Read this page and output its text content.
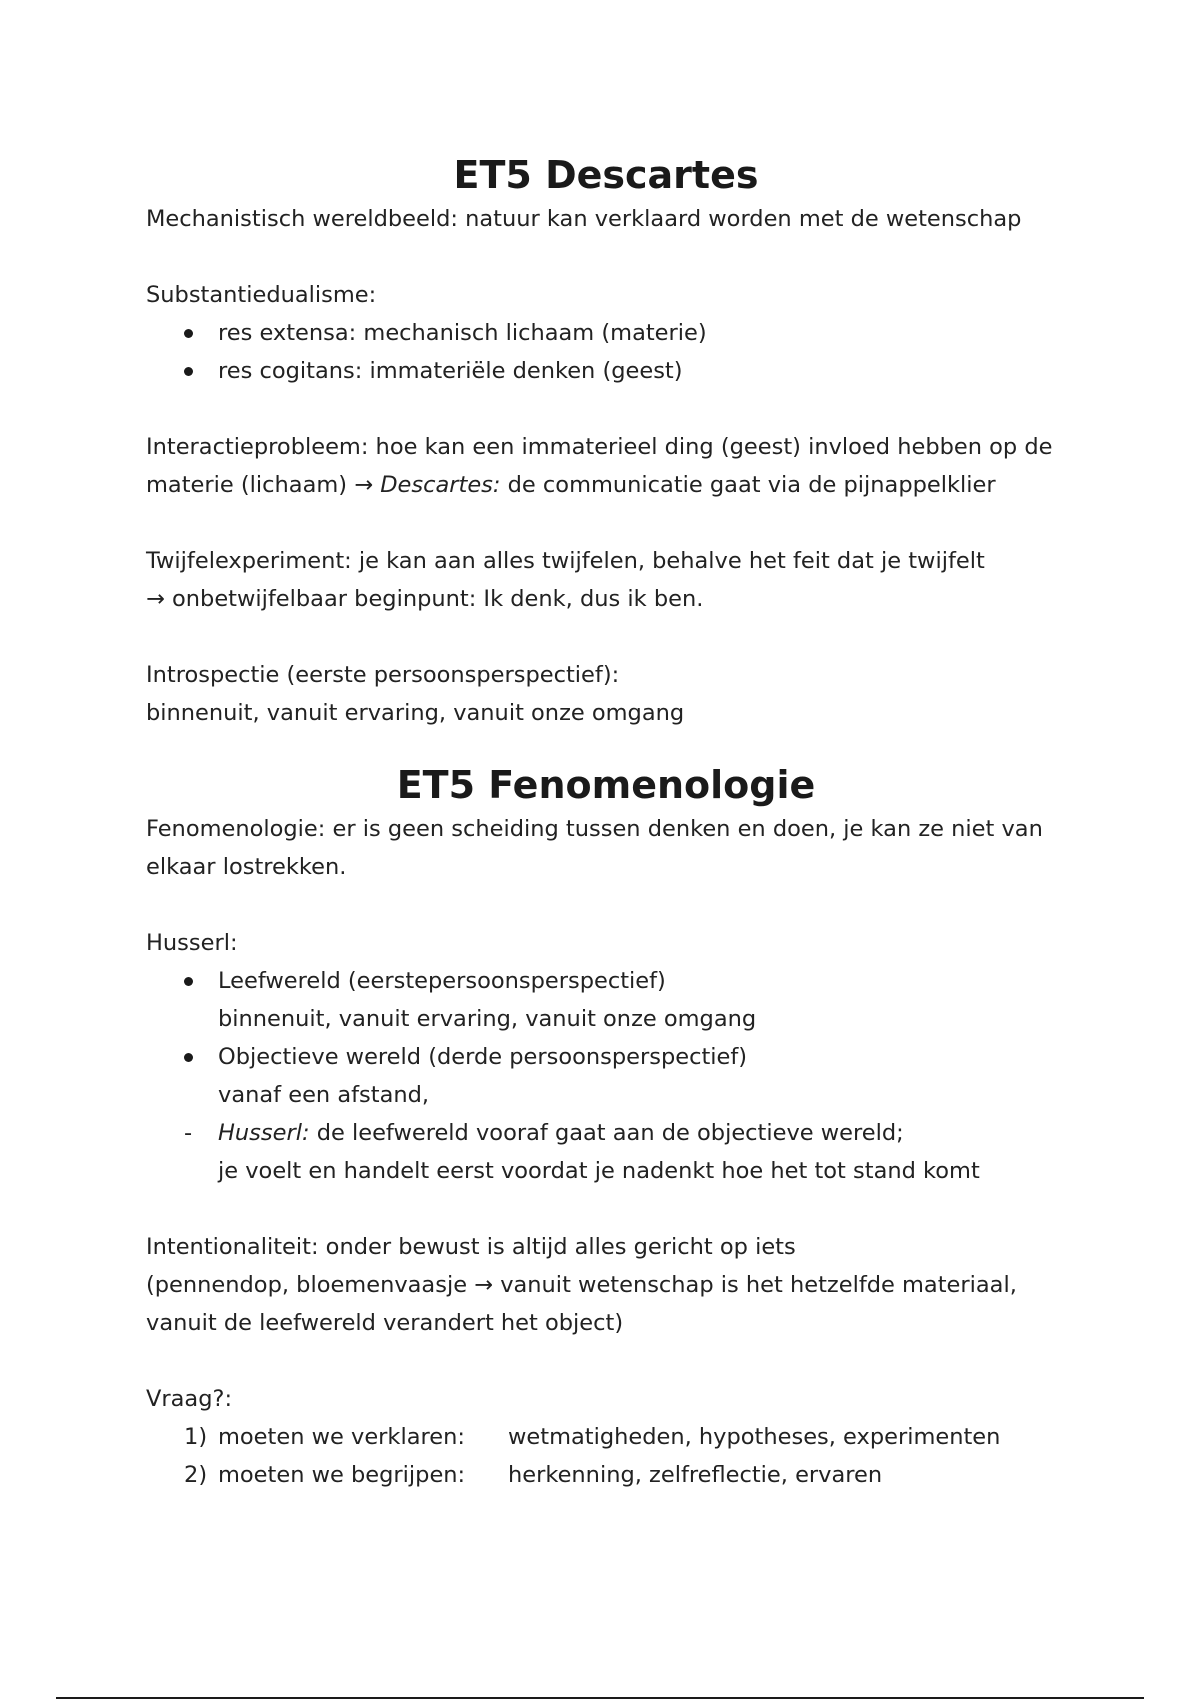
ET5 Descartes

Mechanistisch wereldbeeld: natuur kan verklaard worden met de wetenschap

Substantiedualisme:

res extensa: mechanisch lichaam (materie)
res cogitans: immateriële denken (geest)

Interactieprobleem: hoe kan een immaterieel ding (geest) invloed hebben op de

materie (lichaam) → Descartes: de communicatie gaat via de pijnappelklier

Twijfelexperiment: je kan aan alles twijfelen, behalve het feit dat je twijfelt

→ onbetwijfelbaar beginpunt: Ik denk, dus ik ben.

Introspectie (eerste persoonsperspectief):

binnenuit, vanuit ervaring, vanuit onze omgang

ET5 Fenomenologie

Fenomenologie: er is geen scheiding tussen denken en doen, je kan ze niet van

elkaar lostrekken.

Husserl:

Leefwereld (eerstepersoonsperspectief)
binnenuit, vanuit ervaring, vanuit onze omgang
Objectieve wereld (derde persoonsperspectief)
vanaf een afstand,
- Husserl: de leefwereld vooraf gaat aan de objectieve wereld;
je voelt en handelt eerst voordat je nadenkt hoe het tot stand komt

Intentionaliteit: onder bewust is altijd alles gericht op iets

(pennendop, bloemenvaasje → vanuit wetenschap is het hetzelfde materiaal,

vanuit de leefwereld verandert het object)

Vraag?:

1) moeten we verklaren: wetmatigheden, hypotheses, experimenten
2) moeten we begrijpen: herkenning, zelfreflectie, ervaren
